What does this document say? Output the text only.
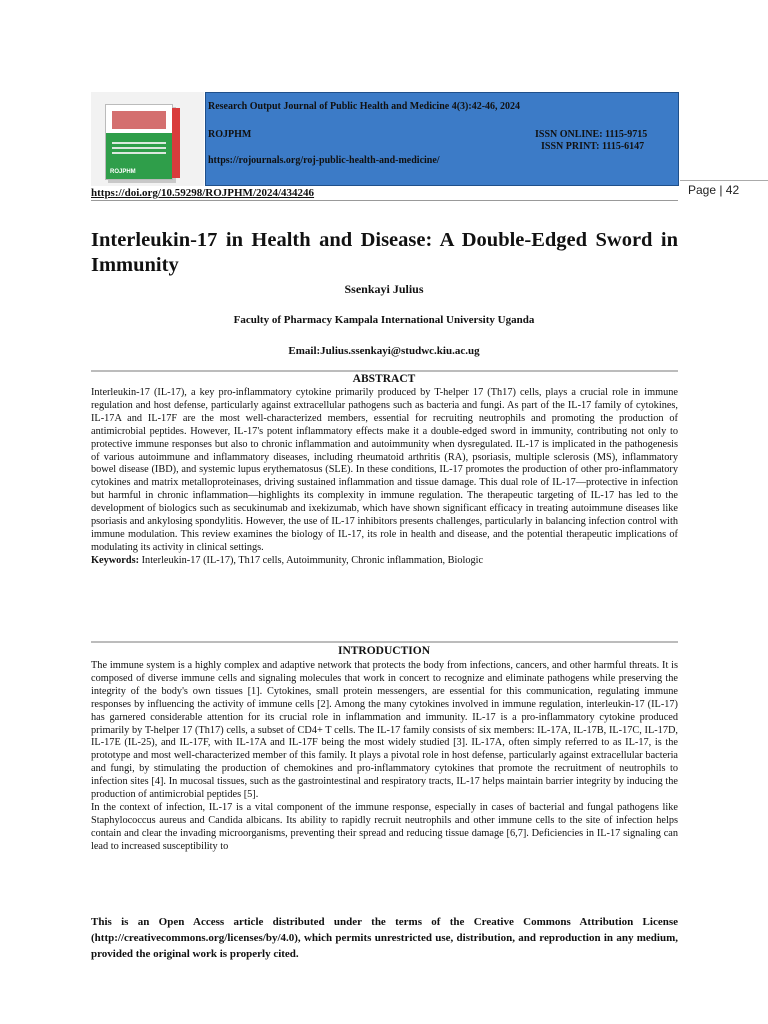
ROJPHM
Research Output Journal of Public Health and Medicine 4(3):42-46, 2024
ROJPHM	ISSN ONLINE: 1115-9715
ISSN PRINT: 1115-6147
https://rojournals.org/roj-public-health-and-medicine/
Page | 42
https://doi.org/10.59298/ROJPHM/2024/434246
Interleukin-17 in Health and Disease: A Double-Edged Sword in Immunity
Ssenkayi Julius
Faculty of Pharmacy Kampala International University Uganda
Email:Julius.ssenkayi@studwc.kiu.ac.ug
ABSTRACT

Interleukin-17 (IL-17), a key pro-inflammatory cytokine primarily produced by T-helper 17 (Th17) cells, plays a crucial role in immune regulation and host defense, particularly against extracellular pathogens such as bacteria and fungi. As part of the IL-17 family of cytokines, IL-17A and IL-17F are the most well-characterized members, essential for recruiting neutrophils and promoting the production of antimicrobial peptides. However, IL-17's potent inflammatory effects make it a double-edged sword in immunity, contributing not only to protective immune responses but also to chronic inflammation and autoimmunity when dysregulated. IL-17 is implicated in the pathogenesis of various autoimmune and inflammatory diseases, including rheumatoid arthritis (RA), psoriasis, multiple sclerosis (MS), inflammatory bowel disease (IBD), and systemic lupus erythematosus (SLE). In these conditions, IL-17 promotes the production of other pro-inflammatory cytokines and matrix metalloproteinases, driving sustained inflammation and tissue damage. This dual role of IL-17—protective in infection but harmful in chronic inflammation—highlights its complexity in immune regulation. The therapeutic targeting of IL-17 has led to the development of biologics such as secukinumab and ixekizumab, which have shown significant efficacy in treating autoimmune diseases like psoriasis and ankylosing spondylitis. However, the use of IL-17 inhibitors presents challenges, particularly in balancing infection control with immune modulation. This review examines the biology of IL-17, its role in health and disease, and the potential therapeutic implications of modulating its activity in clinical settings.

Keywords: Interleukin-17 (IL-17), Th17 cells, Autoimmunity, Chronic inflammation, Biologic

INTRODUCTION

The immune system is a highly complex and adaptive network that protects the body from infections, cancers, and other harmful threats. It is composed of diverse immune cells and signaling molecules that work in concert to recognize and eliminate pathogens while preserving the integrity of the body's own tissues [1]. Cytokines, small protein messengers, are essential for this communication, regulating immune responses by influencing the activity of immune cells [2]. Among the many cytokines involved in immune regulation, interleukin-17 (IL-17) has garnered considerable attention for its crucial role in inflammation and immunity. IL-17 is a pro-inflammatory cytokine produced primarily by T-helper 17 (Th17) cells, a subset of CD4+ T cells. The IL-17 family consists of six members: IL-17A, IL-17B, IL-17C, IL-17D, IL-17E (IL-25), and IL-17F, with IL-17A and IL-17F being the most widely studied [3]. IL-17A, often simply referred to as IL-17, is the prototype and most well-characterized member of this family. It plays a pivotal role in host defense, particularly against extracellular bacteria and fungi, by stimulating the production of chemokines and pro-inflammatory cytokines that promote the recruitment of neutrophils to infection sites [4]. In mucosal tissues, such as the gastrointestinal and respiratory tracts, IL-17 helps maintain barrier integrity by inducing the production of antimicrobial peptides [5].

In the context of infection, IL-17 is a vital component of the immune response, especially in cases of bacterial and fungal pathogens like Staphylococcus aureus and Candida albicans. Its ability to rapidly recruit neutrophils and other immune cells to the site of infection helps contain and clear the invading microorganisms, preventing their spread and reducing tissue damage [6,7]. Deficiencies in IL-17 signaling can lead to increased susceptibility to

This is an Open Access article distributed under the terms of the Creative Commons Attribution License (http://creativecommons.org/licenses/by/4.0), which permits unrestricted use, distribution, and reproduction in any medium, provided the original work is properly cited.
